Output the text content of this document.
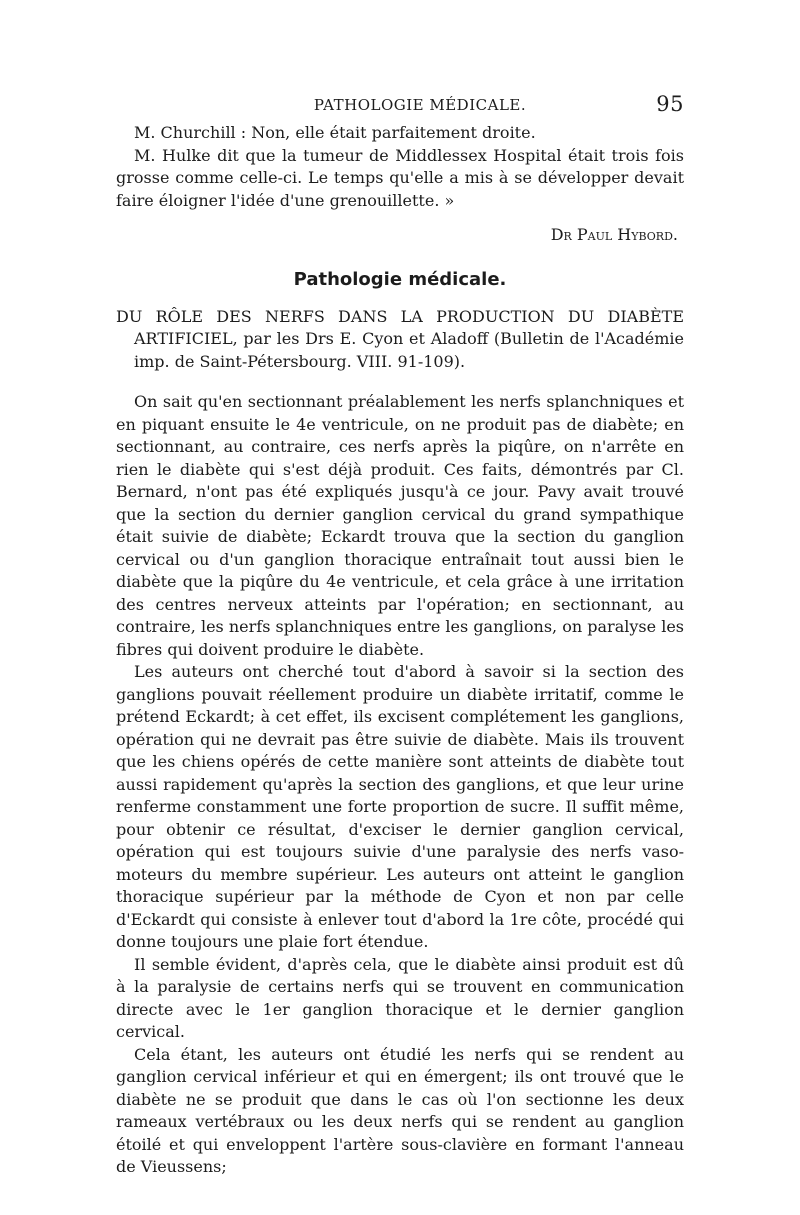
PATHOLOGIE MÉDICALE.	95

M. Churchill : Non, elle était parfaitement droite.

M. Hulke dit que la tumeur de Middlessex Hospital était trois fois grosse comme celle-ci. Le temps qu'elle a mis à se développer devait faire éloigner l'idée d'une grenouillette. »

Dr Paul Hybord.
Pathologie médicale.

DU RÔLE DES NERFS DANS LA PRODUCTION DU DIABÈTE ARTIFICIEL, par les Drs E. Cyon et Aladoff (Bulletin de l'Académie imp. de Saint-Pétersbourg. VIII. 91-109).

On sait qu'en sectionnant préalablement les nerfs splanchniques et en piquant ensuite le 4e ventricule, on ne produit pas de diabète; en sectionnant, au contraire, ces nerfs après la piqûre, on n'arrête en rien le diabète qui s'est déjà produit. Ces faits, démontrés par Cl. Bernard, n'ont pas été expliqués jusqu'à ce jour. Pavy avait trouvé que la section du dernier ganglion cervical du grand sympathique était suivie de diabète; Eckardt trouva que la section du ganglion cervical ou d'un ganglion thoracique entraînait tout aussi bien le diabète que la piqûre du 4e ventricule, et cela grâce à une irritation des centres nerveux atteints par l'opération; en sectionnant, au contraire, les nerfs splanchniques entre les ganglions, on paralyse les fibres qui doivent produire le diabète.

Les auteurs ont cherché tout d'abord à savoir si la section des ganglions pouvait réellement produire un diabète irritatif, comme le prétend Eckardt; à cet effet, ils excisent complétement les ganglions, opération qui ne devrait pas être suivie de diabète. Mais ils trouvent que les chiens opérés de cette manière sont atteints de diabète tout aussi rapidement qu'après la section des ganglions, et que leur urine renferme constamment une forte proportion de sucre. Il suffit même, pour obtenir ce résultat, d'exciser le dernier ganglion cervical, opération qui est toujours suivie d'une paralysie des nerfs vaso-moteurs du membre supérieur. Les auteurs ont atteint le ganglion thoracique supérieur par la méthode de Cyon et non par celle d'Eckardt qui consiste à enlever tout d'abord la 1re côte, procédé qui donne toujours une plaie fort étendue.

Il semble évident, d'après cela, que le diabète ainsi produit est dû à la paralysie de certains nerfs qui se trouvent en communication directe avec le 1er ganglion thoracique et le dernier ganglion cervical.

Cela étant, les auteurs ont étudié les nerfs qui se rendent au ganglion cervical inférieur et qui en émergent; ils ont trouvé que le diabète ne se produit que dans le cas où l'on sectionne les deux rameaux vertébraux ou les deux nerfs qui se rendent au ganglion étoilé et qui enveloppent l'artère sous-clavière en formant l'anneau de Vieussens;
